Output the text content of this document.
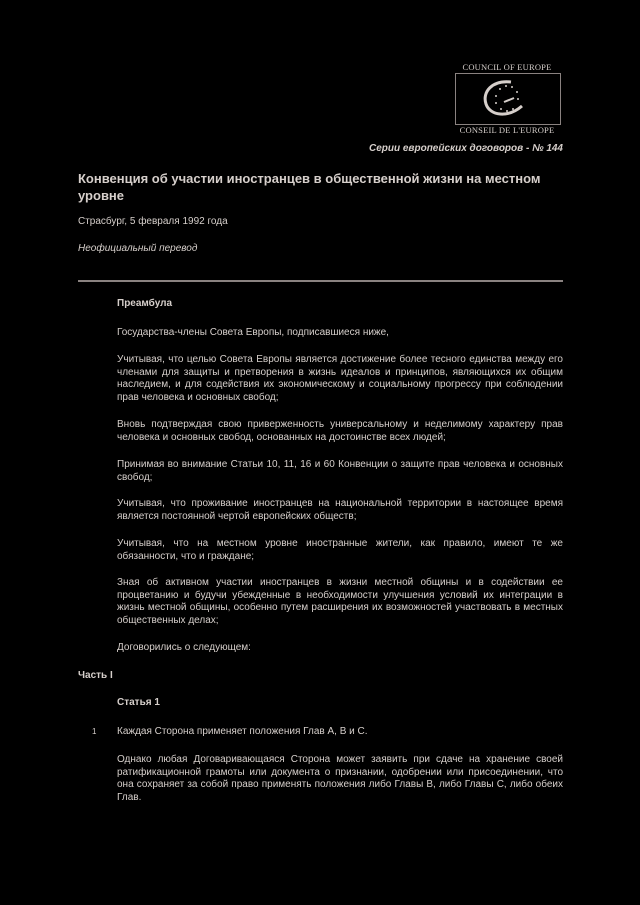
COUNCIL OF EUROPE
CONSEIL DE L'EUROPE
Серии европейских договоров - № 144
Конвенция об участии иностранцев в общественной жизни на местном уровне
Страсбург, 5 февраля 1992 года
Неофициальный перевод
Преамбула
Государства-члены Совета Европы, подписавшиеся ниже,
Учитывая, что целью Совета Европы является достижение более тесного единства между его членами для защиты и претворения в жизнь идеалов и принципов, являющихся их общим наследием, и для содействия их экономическому и социальному прогрессу при соблюдении прав человека и основных свобод;
Вновь подтверждая свою приверженность универсальному и неделимому характеру прав человека и основных свобод, основанных на достоинстве всех людей;
Принимая во внимание Статьи 10, 11, 16 и 60 Конвенции о защите прав человека и основных свобод;
Учитывая, что проживание иностранцев на национальной территории в настоящее время является постоянной чертой европейских обществ;
Учитывая, что на местном уровне иностранные жители, как правило, имеют те же обязанности, что и граждане;
Зная об активном участии иностранцев в жизни местной общины и в содействии ее процветанию и будучи убежденные в необходимости улучшения условий их интеграции в жизнь местной общины, особенно путем расширения их возможностей участвовать в местных общественных делах;
Договорились о следующем:
Часть I
Статья 1
1 Каждая Сторона применяет положения Глав A, B и C.
Однако любая Договаривающаяся Сторона может заявить при сдаче на хранение своей ратификационной грамоты или документа о признании, одобрении или присоединении, что она сохраняет за собой право применять положения либо Главы B, либо Главы C, либо обеих Глав.
